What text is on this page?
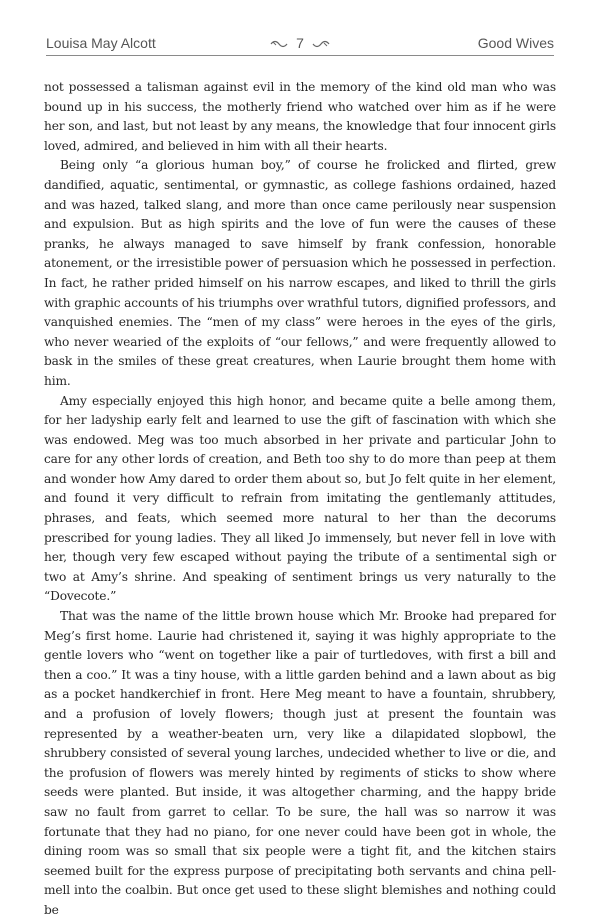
Louisa May Alcott	7	Good Wives

not possessed a talisman against evil in the memory of the kind old man who was bound up in his success, the motherly friend who watched over him as if he were her son, and last, but not least by any means, the knowledge that four innocent girls loved, admired, and believed in him with all their hearts.

Being only “a glorious human boy,” of course he frolicked and flirted, grew dandified, aquatic, sentimental, or gymnastic, as college fashions ordained, hazed and was hazed, talked slang, and more than once came perilously near suspension and expulsion. But as high spirits and the love of fun were the causes of these pranks, he always managed to save himself by frank confession, honorable atonement, or the irresistible power of persuasion which he possessed in perfection. In fact, he rather prided himself on his narrow escapes, and liked to thrill the girls with graphic accounts of his triumphs over wrathful tutors, dignified professors, and vanquished enemies. The “men of my class” were heroes in the eyes of the girls, who never wearied of the exploits of “our fellows,” and were frequently allowed to bask in the smiles of these great creatures, when Laurie brought them home with him.

Amy especially enjoyed this high honor, and became quite a belle among them, for her ladyship early felt and learned to use the gift of fascination with which she was endowed. Meg was too much absorbed in her private and particular John to care for any other lords of creation, and Beth too shy to do more than peep at them and wonder how Amy dared to order them about so, but Jo felt quite in her element, and found it very difficult to refrain from imitating the gentlemanly attitudes, phrases, and feats, which seemed more natural to her than the decorums prescribed for young ladies. They all liked Jo immensely, but never fell in love with her, though very few escaped without paying the tribute of a sentimental sigh or two at Amy’s shrine. And speaking of sentiment brings us very naturally to the “Dovecote.”

That was the name of the little brown house which Mr. Brooke had prepared for Meg’s first home. Laurie had christened it, saying it was highly appropriate to the gentle lovers who “went on together like a pair of turtledoves, with first a bill and then a coo.” It was a tiny house, with a little garden behind and a lawn about as big as a pocket handkerchief in front. Here Meg meant to have a fountain, shrubbery, and a profusion of lovely flowers; though just at present the fountain was represented by a weather-beaten urn, very like a dilapidated slopbowl, the shrubbery consisted of several young larches, undecided whether to live or die, and the profusion of flowers was merely hinted by regiments of sticks to show where seeds were planted. But inside, it was altogether charming, and the happy bride saw no fault from garret to cellar. To be sure, the hall was so narrow it was fortunate that they had no piano, for one never could have been got in whole, the dining room was so small that six people were a tight fit, and the kitchen stairs seemed built for the express purpose of precipitating both servants and china pell-mell into the coalbin. But once get used to these slight blemishes and nothing could be
